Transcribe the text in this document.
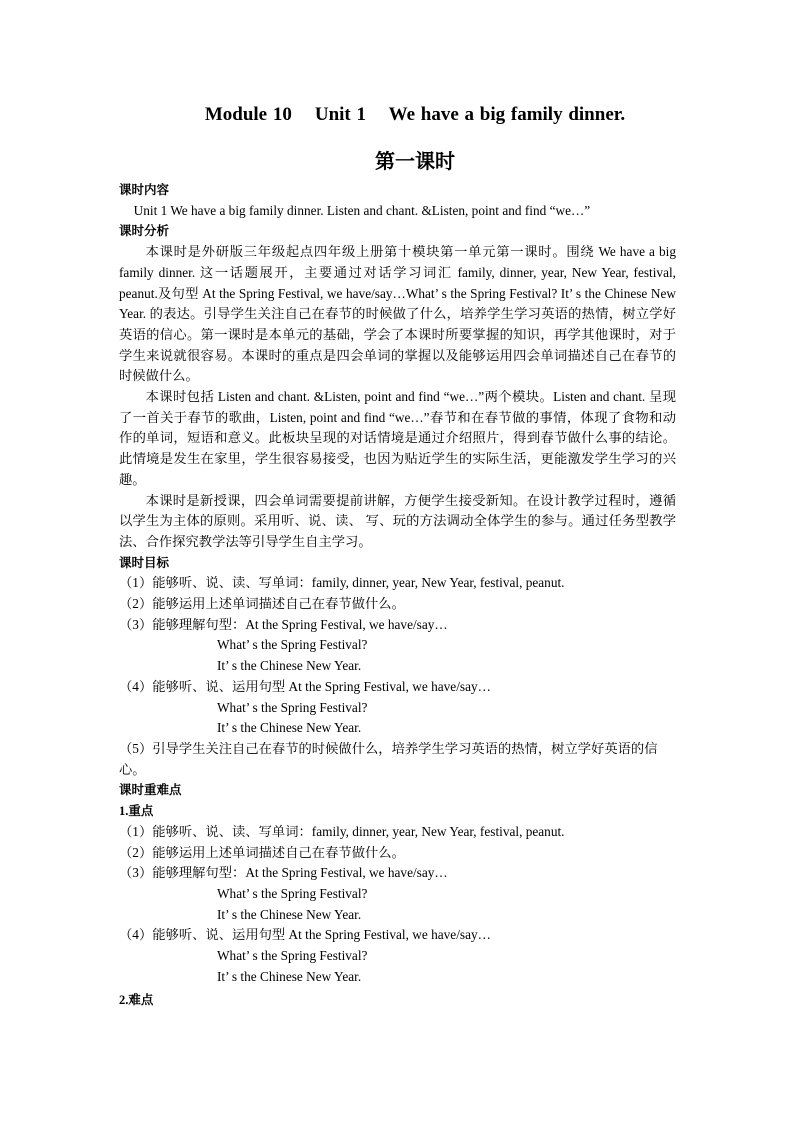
Module 10    Unit 1    We have a big family dinner.
第一课时

课时内容

Unit 1 We have a big family dinner. Listen and chant. &Listen, point and find “we…”

课时分析

本课时是外研版三年级起点四年级上册第十模块第一单元第一课时。围绕 We have a big family dinner. 这一话题展开，主要通过对话学习词汇 family, dinner, year, New Year, festival, peanut.及句型 At the Spring Festival, we have/say…What’ s the Spring Festival? It’ s the Chinese New Year. 的表达。引导学生关注自己在春节的时候做了什么，培养学生学习英语的热情，树立学好英语的信心。第一课时是本单元的基础，学会了本课时所要掌握的知识，再学其他课时，对于学生来说就很容易。本课时的重点是四会单词的掌握以及能够运用四会单词描述自己在春节的时候做什么。

本课时包括 Listen and chant. &Listen, point and find “we…”两个模块。Listen and chant. 呈现了一首关于春节的歌曲，Listen, point and find “we…”春节和在春节做的事情，体现了食物和动作的单词，短语和意义。此板块呈现的对话情境是通过介绍照片，得到春节做什么事的结论。此情境是发生在家里，学生很容易接受，也因为贴近学生的实际生活，更能激发学生学习的兴趣。

本课时是新授课，四会单词需要提前讲解，方便学生接受新知。在设计教学过程时，遵循以学生为主体的原则。采用听、说、读、 写、玩的方法调动全体学生的参与。通过任务型教学法、合作探究教学法等引导学生自主学习。

课时目标

（1）能够听、说、读、写单词：family, dinner, year, New Year, festival, peanut.

（2）能够运用上述单词描述自己在春节做什么。

（3）能够理解句型：At the Spring Festival, we have/say…

What’ s the Spring Festival?

It’ s the Chinese New Year.

（4）能够听、说、运用句型 At the Spring Festival, we have/say…

What’ s the Spring Festival?

It’ s the Chinese New Year.

（5）引导学生关注自己在春节的时候做什么，培养学生学习英语的热情，树立学好英语的信心。

课时重难点

1.重点

（1）能够听、说、读、写单词：family, dinner, year, New Year, festival, peanut.

（2）能够运用上述单词描述自己在春节做什么。

（3）能够理解句型：At the Spring Festival, we have/say…

What’ s the Spring Festival?

It’ s the Chinese New Year.

（4）能够听、说、运用句型 At the Spring Festival, we have/say…

What’ s the Spring Festival?

It’ s the Chinese New Year.

2.难点
